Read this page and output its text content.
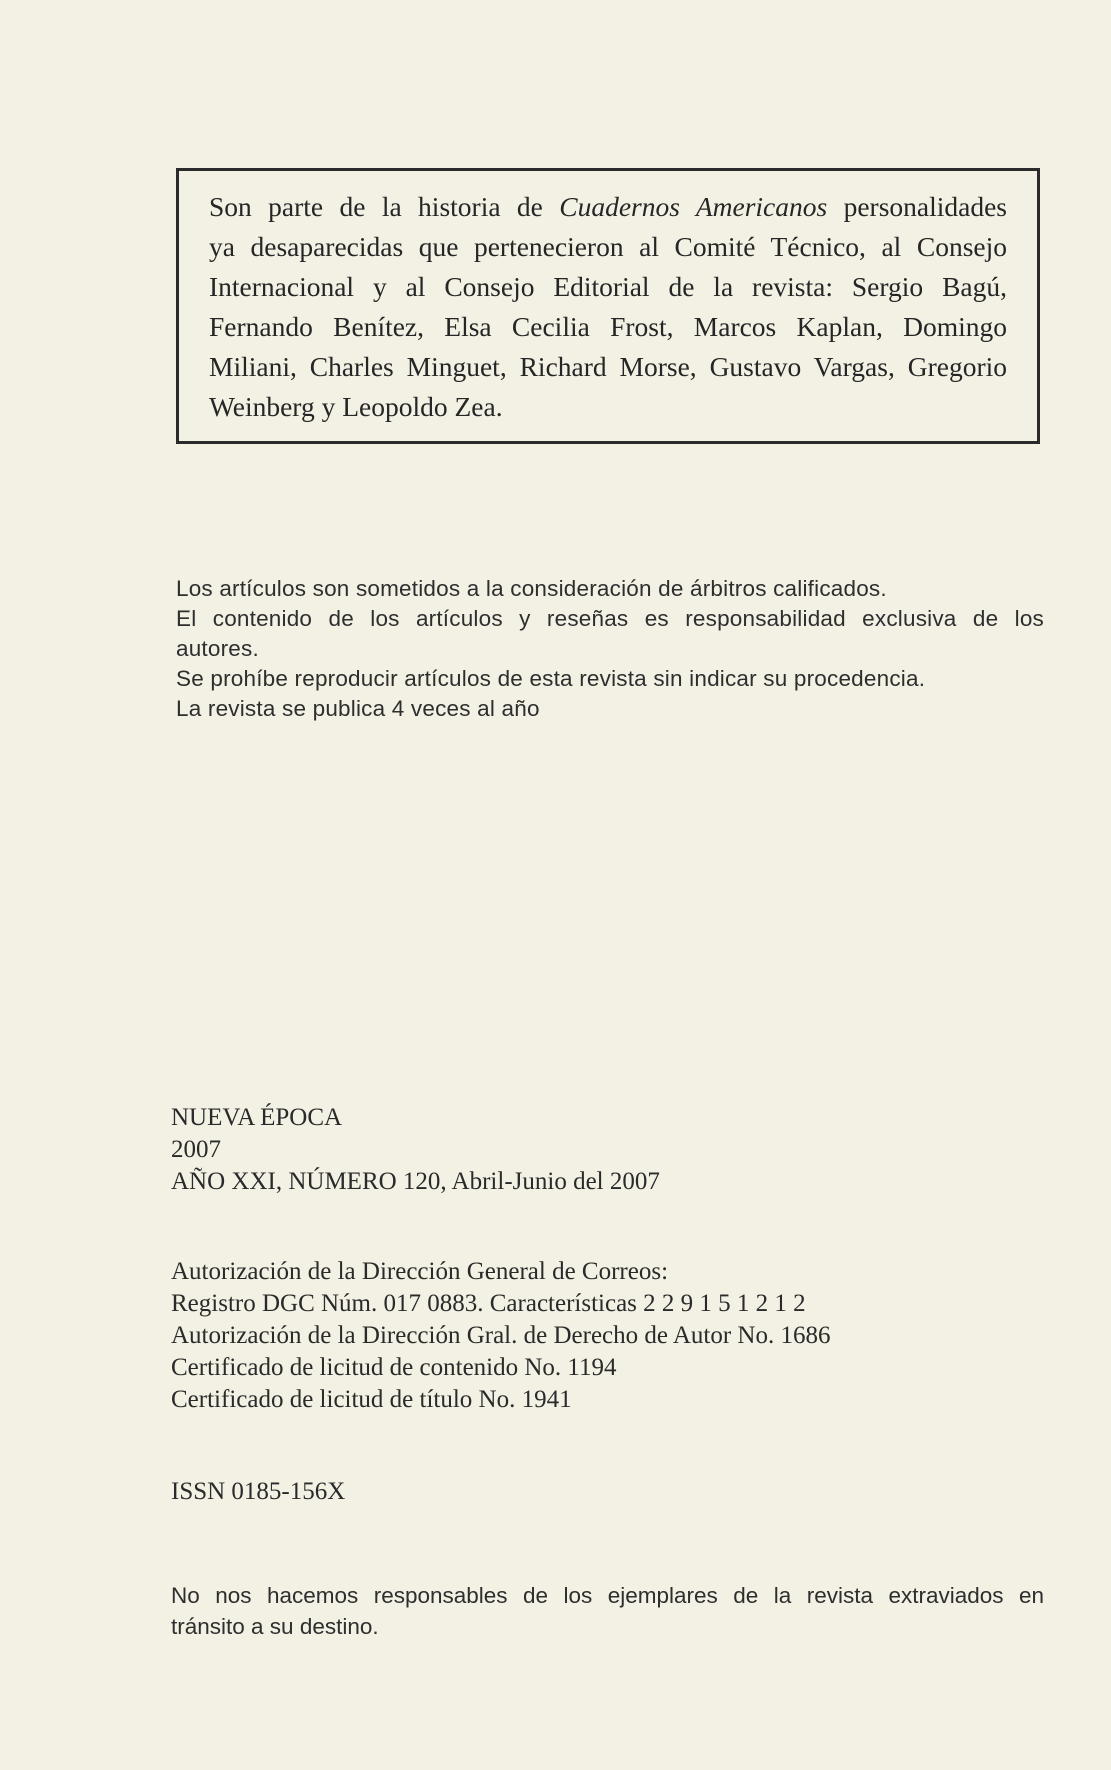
Son parte de la historia de Cuadernos Americanos personalidades
ya desaparecidas que pertenecieron al Comité Técnico, al Consejo
Internacional y al Consejo Editorial de la revista: Sergio Bagú,
Fernando Benítez, Elsa Cecilia Frost, Marcos Kaplan, Domingo
Miliani, Charles Minguet, Richard Morse, Gustavo Vargas, Gregorio
Weinberg y Leopoldo Zea.

Los artículos son sometidos a la consideración de árbitros calificados.

El contenido de los artículos y reseñas es responsabilidad exclusiva de los

autores.

Se prohíbe reproducir artículos de esta revista sin indicar su procedencia.

La revista se publica 4 veces al año

NUEVA ÉPOCA

2007

AÑO XXI, NÚMERO 120, Abril-Junio del 2007

Autorización de la Dirección General de Correos:

Registro DGC Núm. 017 0883. Características 2 2 9 1 5 1 2 1 2

Autorización de la Dirección Gral. de Derecho de Autor No. 1686

Certificado de licitud de contenido No. 1194

Certificado de licitud de título No. 1941

ISSN 0185-156X

No nos hacemos responsables de los ejemplares de la revista extraviados en

tránsito a su destino.
